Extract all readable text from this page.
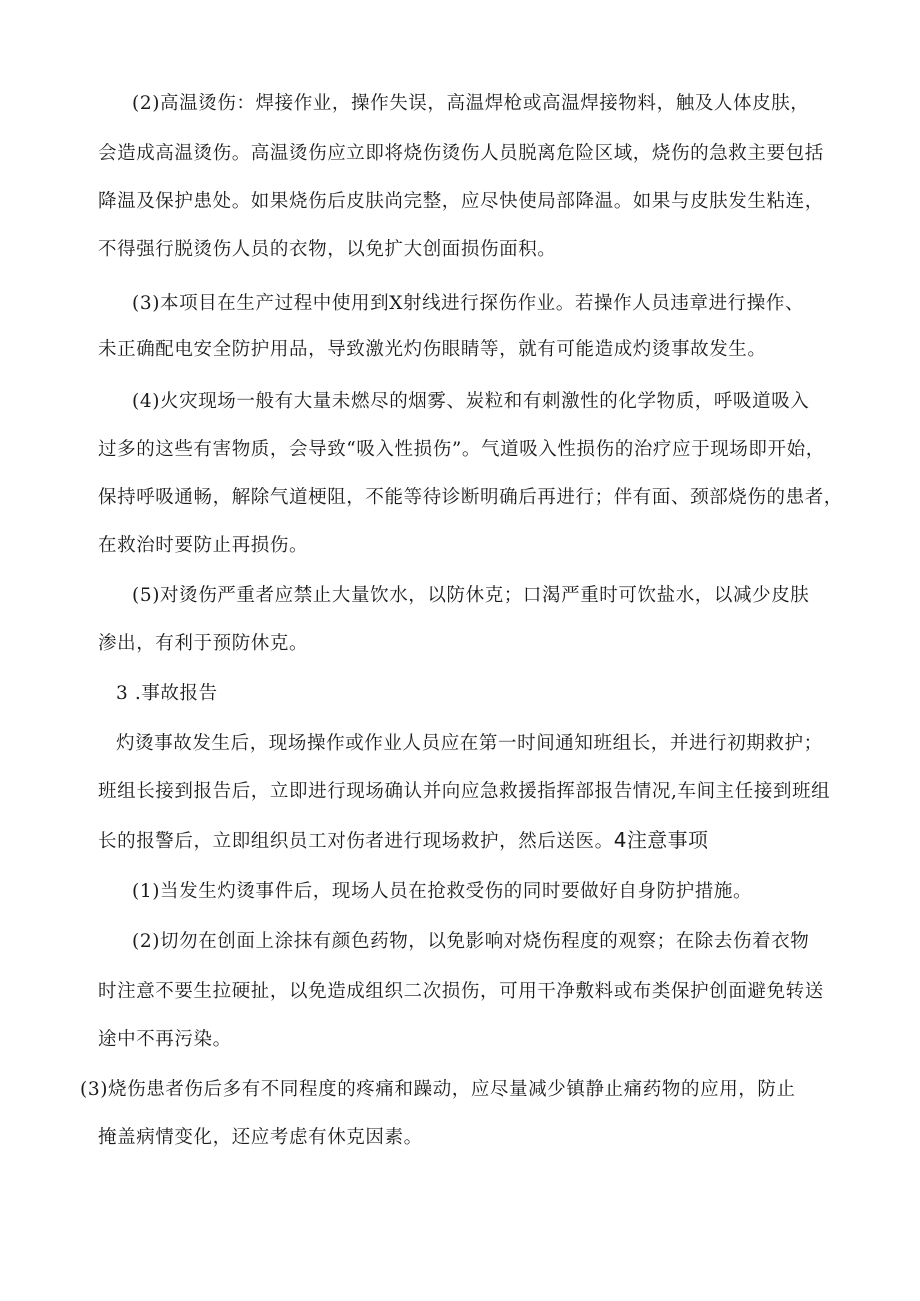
(2)高温烫伤：焊接作业，操作失误，高温焊枪或高温焊接物料，触及人体皮肤，
会造成高温烫伤。高温烫伤应立即将烧伤烫伤人员脱离危险区域，烧伤的急救主要包括
降温及保护患处。如果烧伤后皮肤尚完整，应尽快使局部降温。如果与皮肤发生粘连，
不得强行脱烫伤人员的衣物，以免扩大创面损伤面积。
(3)本项目在生产过程中使用到X射线进行探伤作业。若操作人员违章进行操作、
未正确配电安全防护用品，导致激光灼伤眼睛等，就有可能造成灼烫事故发生。
(4)火灾现场一般有大量未燃尽的烟雾、炭粒和有刺激性的化学物质，呼吸道吸入
过多的这些有害物质，会导致“吸入性损伤”。气道吸入性损伤的治疗应于现场即开始，
保持呼吸通畅，解除气道梗阻，不能等待诊断明确后再进行；伴有面、颈部烧伤的患者，
在救治时要防止再损伤。
(5)对烫伤严重者应禁止大量饮水，以防休克；口渴严重时可饮盐水，以减少皮肤
渗出，有利于预防休克。
3 .事故报告
灼烫事故发生后，现场操作或作业人员应在第一时间通知班组长，并进行初期救护；
班组长接到报告后，立即进行现场确认并向应急救援指挥部报告情况,车间主任接到班组
长的报警后，立即组织员工对伤者进行现场救护，然后送医。4注意事项
(1)当发生灼烫事件后，现场人员在抢救受伤的同时要做好自身防护措施。
(2)切勿在创面上涂抹有颜色药物，以免影响对烧伤程度的观察；在除去伤着衣物
时注意不要生拉硬扯，以免造成组织二次损伤，可用干净敷料或布类保护创面避免转送
途中不再污染。
(3)烧伤患者伤后多有不同程度的疼痛和躁动，应尽量减少镇静止痛药物的应用，防止
掩盖病情变化，还应考虑有休克因素。
